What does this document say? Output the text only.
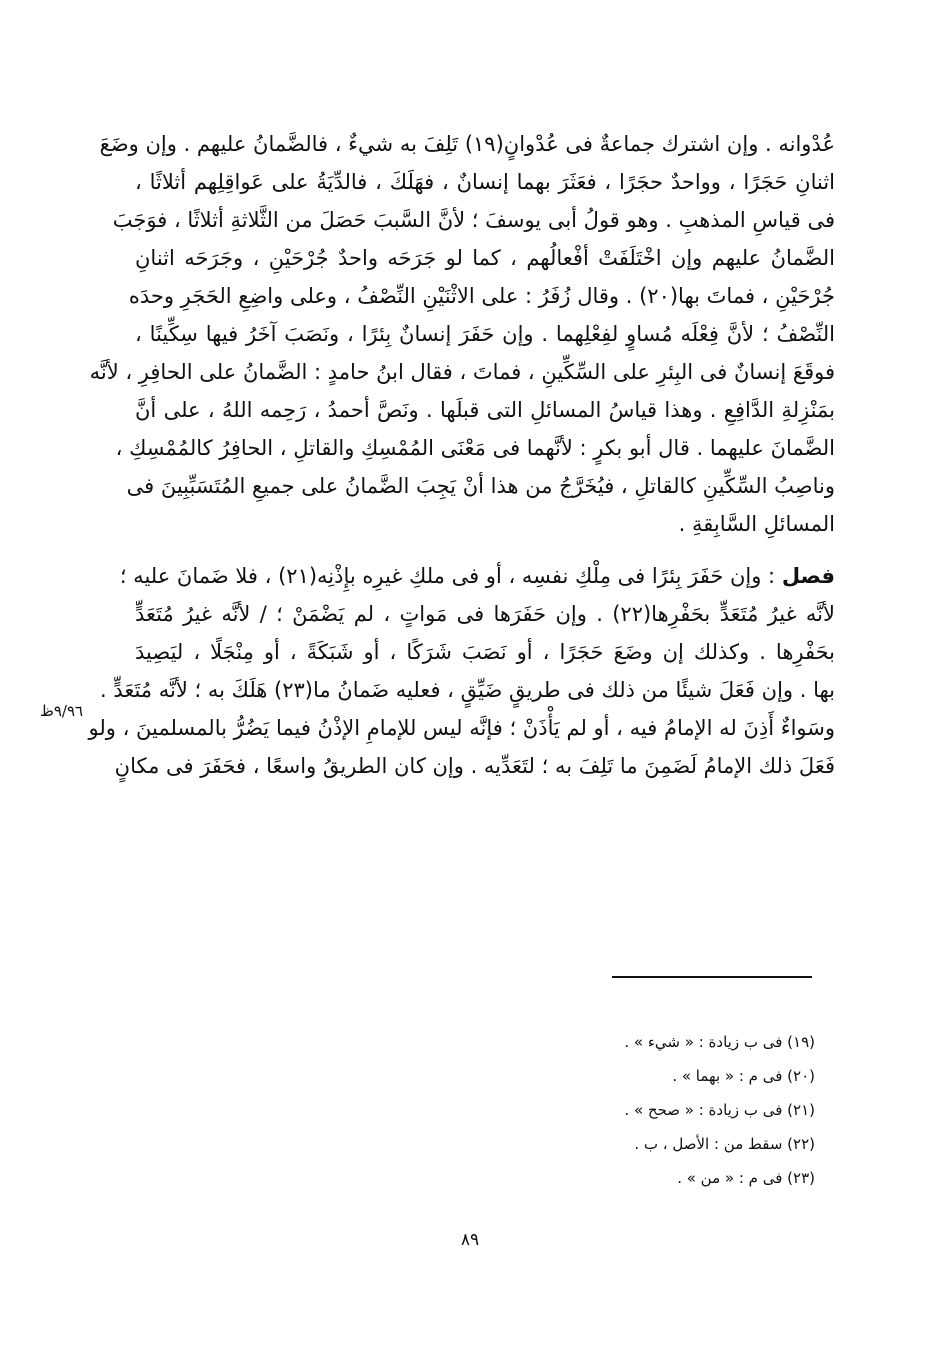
عُدْوانه . وإن اشترك جماعةٌ فى عُدْوانٍ(١٩) تَلِفَ به شيءٌ ، فالضَّمانُ عليهم . وإن وضَعَ
اثنانِ حَجَرًا ، وواحدٌ حجَرًا ، فعَثَرَ بهما إنسانٌ ، فهَلَكَ ، فالدِّيَةُ على عَواقِلِهم أثلاثًا ،
فى قياسِ المذهبِ . وهو قولُ أبى يوسفَ ؛ لأنَّ السَّببَ حَصَلَ من الثَّلاثةِ أثلاثًا ، فوَجَبَ
الضَّمانُ عليهم وإن اخْتَلَفَتْ أفْعالُهم ، كما لو جَرَحَه واحدٌ جُرْحَيْنِ ، وجَرَحَه اثنانِ
جُرْحَيْنِ ، فماتَ بها(٢٠) . وقال زُفَرُ : على الاثْنَيْنِ النِّصْفُ ، وعلى واضِعِ الحَجَرِ وحدَه
النِّصْفُ ؛ لأنَّ فِعْلَه مُساوٍ لفِعْلِهما . وإن حَفَرَ إنسانٌ بِئرًا ، ونَصَبَ آخَرُ فيها سِكِّينًا ،
فوقَعَ إنسانٌ فى البِئرِ على السِّكِّينِ ، فماتَ ، فقال ابنُ حامدٍ : الضَّمانُ على الحافِرِ ، لأنَّه
بمَنْزِلةِ الدَّافِعِ . وهذا قياسُ المسائلِ التى قبلَها . ونَصَّ أحمدُ ، رَحِمه اللهُ ، على أنَّ
الضَّمانَ عليهما . قال أبو بكرٍ : لأنَّهما فى مَعْنَى المُمْسِكِ والقاتلِ ، الحافِرُ كالمُمْسِكِ ،
وناصِبُ السِّكِّينِ كالقاتلِ ، فيُخَرَّجُ من هذا أنْ يَجِبَ الضَّمانُ على جميعِ المُتَسَبِّبِينَ فى
المسائلِ السَّابِقةِ .
فصل : وإن حَفَرَ بِئرًا فى مِلْكِ نفسِه ، أو فى ملكِ غيرِه بإِذْنِه(٢١) ، فلا ضَمانَ عليه ؛
لأنَّه غيرُ مُتَعَدٍّ بحَفْرِها(٢٢) . وإن حَفَرَها فى مَواتٍ ، لم يَضْمَنْ ؛ / لأنَّه غيرُ مُتَعَدٍّ
بحَفْرِها . وكذلك إن وضَعَ حَجَرًا ، أو نَصَبَ شَرَكًا ، أو شَبَكَةً ، أو مِنْجَلًا ، ليَصِيدَ
بها . وإن فَعَلَ شيئًا من ذلك فى طريقٍ ضَيِّقٍ ، فعليه ضَمانُ ما(٢٣) هَلَكَ به ؛ لأنَّه مُتَعَدٍّ .
وسَواءٌ أَذِنَ له الإمامُ فيه ، أو لم يَأْذَنْ ؛ فإنَّه ليس للإمامِ الإذْنُ فيما يَضُرُّ بالمسلمينَ ، ولو
فَعَلَ ذلك الإمامُ لَضَمِنَ ما تَلِفَ به ؛ لتَعَدِّيه . وإن كان الطريقُ واسعًا ، فحَفَرَ فى مكانٍ
٩/٩٦ظ
(١٩) فى ب زيادة : « شيء » .
(٢٠) فى م : « بهما » .
(٢١) فى ب زيادة : « صحح » .
(٢٢) سقط من : الأصل ، ب .
(٢٣) فى م : « من » .
٨٩
